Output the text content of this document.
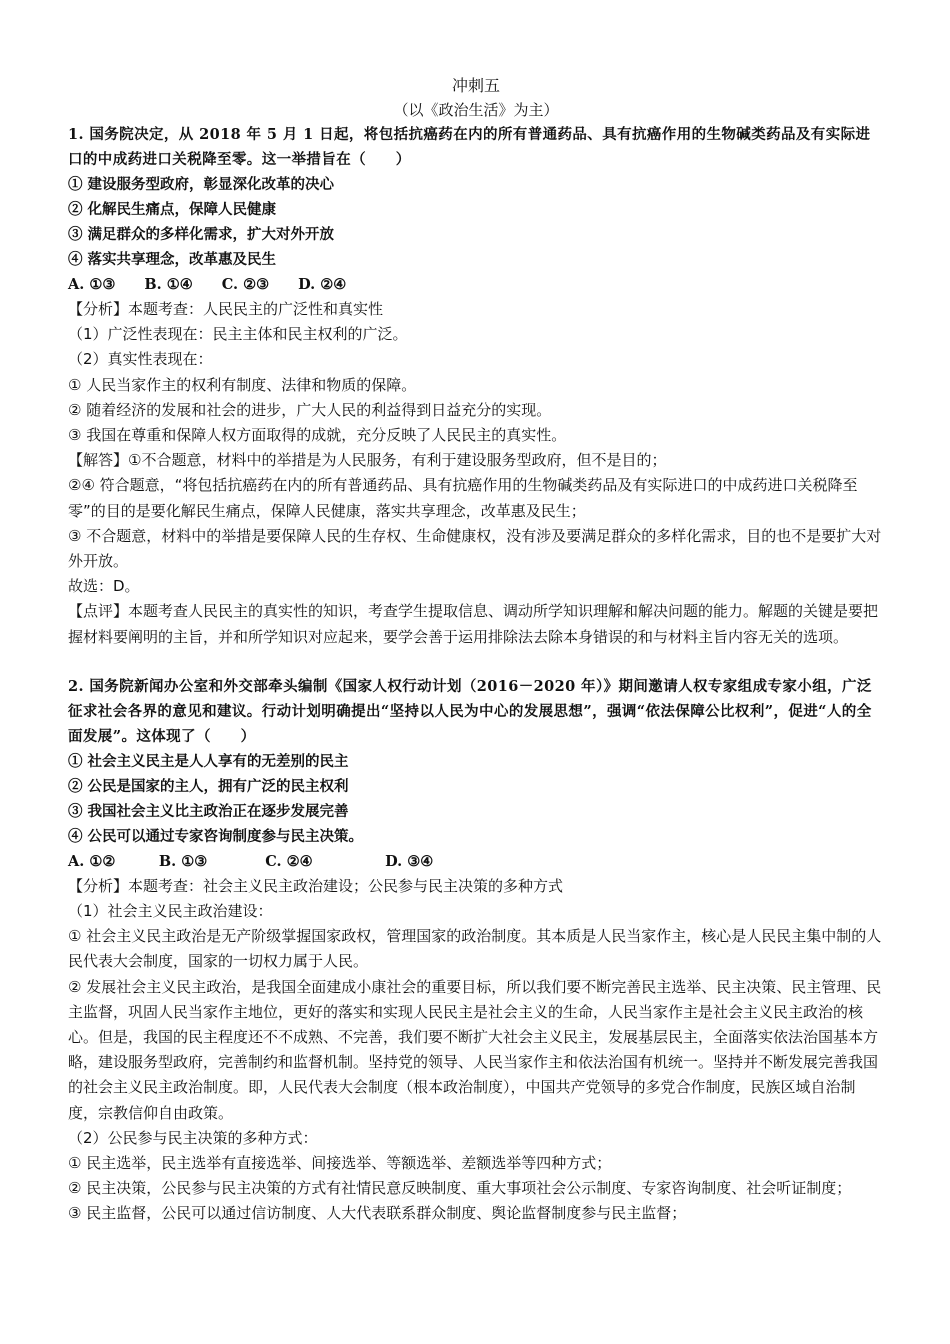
冲刺五
（以《政治生活》为主）
1. 国务院决定，从 2018 年 5 月 1 日起，将包括抗癌药在内的所有普通药品、具有抗癌作用的生物碱类药品及有实际进口的中成药进口关税降至零。这一举措旨在（　　）
① 建设服务型政府，彰显深化改革的决心
② 化解民生痛点，保障人民健康
③ 满足群众的多样化需求，扩大对外开放
④ 落实共享理念，改革惠及民生
A. ①③　　B. ①④　　C. ②③　　D. ②④
【分析】本题考查：人民民主的广泛性和真实性
（1）广泛性表现在：民主主体和民主权利的广泛。
（2）真实性表现在：
① 人民当家作主的权利有制度、法律和物质的保障。
② 随着经济的发展和社会的进步，广大人民的利益得到日益充分的实现。
③ 我国在尊重和保障人权方面取得的成就，充分反映了人民民主的真实性。
【解答】①不合题意，材料中的举措是为人民服务，有利于建设服务型政府，但不是目的；
②④ 符合题意，“将包括抗癌药在内的所有普通药品、具有抗癌作用的生物碱类药品及有实际进口的中成药进口关税降至零”的目的是要化解民生痛点，保障人民健康，落实共享理念，改革惠及民生；
③ 不合题意，材料中的举措是要保障人民的生存权、生命健康权，没有涉及要满足群众的多样化需求，目的也不是要扩大对外开放。
故选：D。
【点评】本题考查人民民主的真实性的知识，考查学生提取信息、调动所学知识理解和解决问题的能力。解题的关键是要把握材料要阐明的主旨，并和所学知识对应起来，要学会善于运用排除法去除本身错误的和与材料主旨内容无关的选项。
2. 国务院新闻办公室和外交部牵头编制《国家人权行动计划（2016－2020 年）》期间邀请人权专家组成专家小组，广泛征求社会各界的意见和建议。行动计划明确提出“坚持以人民为中心的发展思想”，强调“依法保障公比权利”，促进“人的全面发展”。这体现了（　　）
① 社会主义民主是人人享有的无差别的民主
② 公民是国家的主人，拥有广泛的民主权利
③ 我国社会主义比主政治正在逐步发展完善
④ 公民可以通过专家咨询制度参与民主决策。
A. ①②　　　B. ①③　　　　C. ②④　　　　　D. ③④
【分析】本题考查：社会主义民主政治建设；公民参与民主决策的多种方式
（1）社会主义民主政治建设：
① 社会主义民主政治是无产阶级掌握国家政权，管理国家的政治制度。其本质是人民当家作主，核心是人民民主集中制的人民代表大会制度，国家的一切权力属于人民。
② 发展社会主义民主政治，是我国全面建成小康社会的重要目标，所以我们要不断完善民主选举、民主决策、民主管理、民主监督，巩固人民当家作主地位，更好的落实和实现人民民主是社会主义的生命，人民当家作主是社会主义民主政治的核心。但是，我国的民主程度还不不成熟、不完善，我们要不断扩大社会主义民主，发展基层民主，全面落实依法治国基本方略，建设服务型政府，完善制约和监督机制。坚持党的领导、人民当家作主和依法治国有机统一。坚持并不断发展完善我国的社会主义民主政治制度。即，人民代表大会制度（根本政治制度），中国共产党领导的多党合作制度，民族区域自治制度，宗教信仰自由政策。
（2）公民参与民主决策的多种方式：
① 民主选举，民主选举有直接选举、间接选举、等额选举、差额选举等四种方式；
② 民主决策，公民参与民主决策的方式有社情民意反映制度、重大事项社会公示制度、专家咨询制度、社会听证制度；
③ 民主监督，公民可以通过信访制度、人大代表联系群众制度、舆论监督制度参与民主监督；
